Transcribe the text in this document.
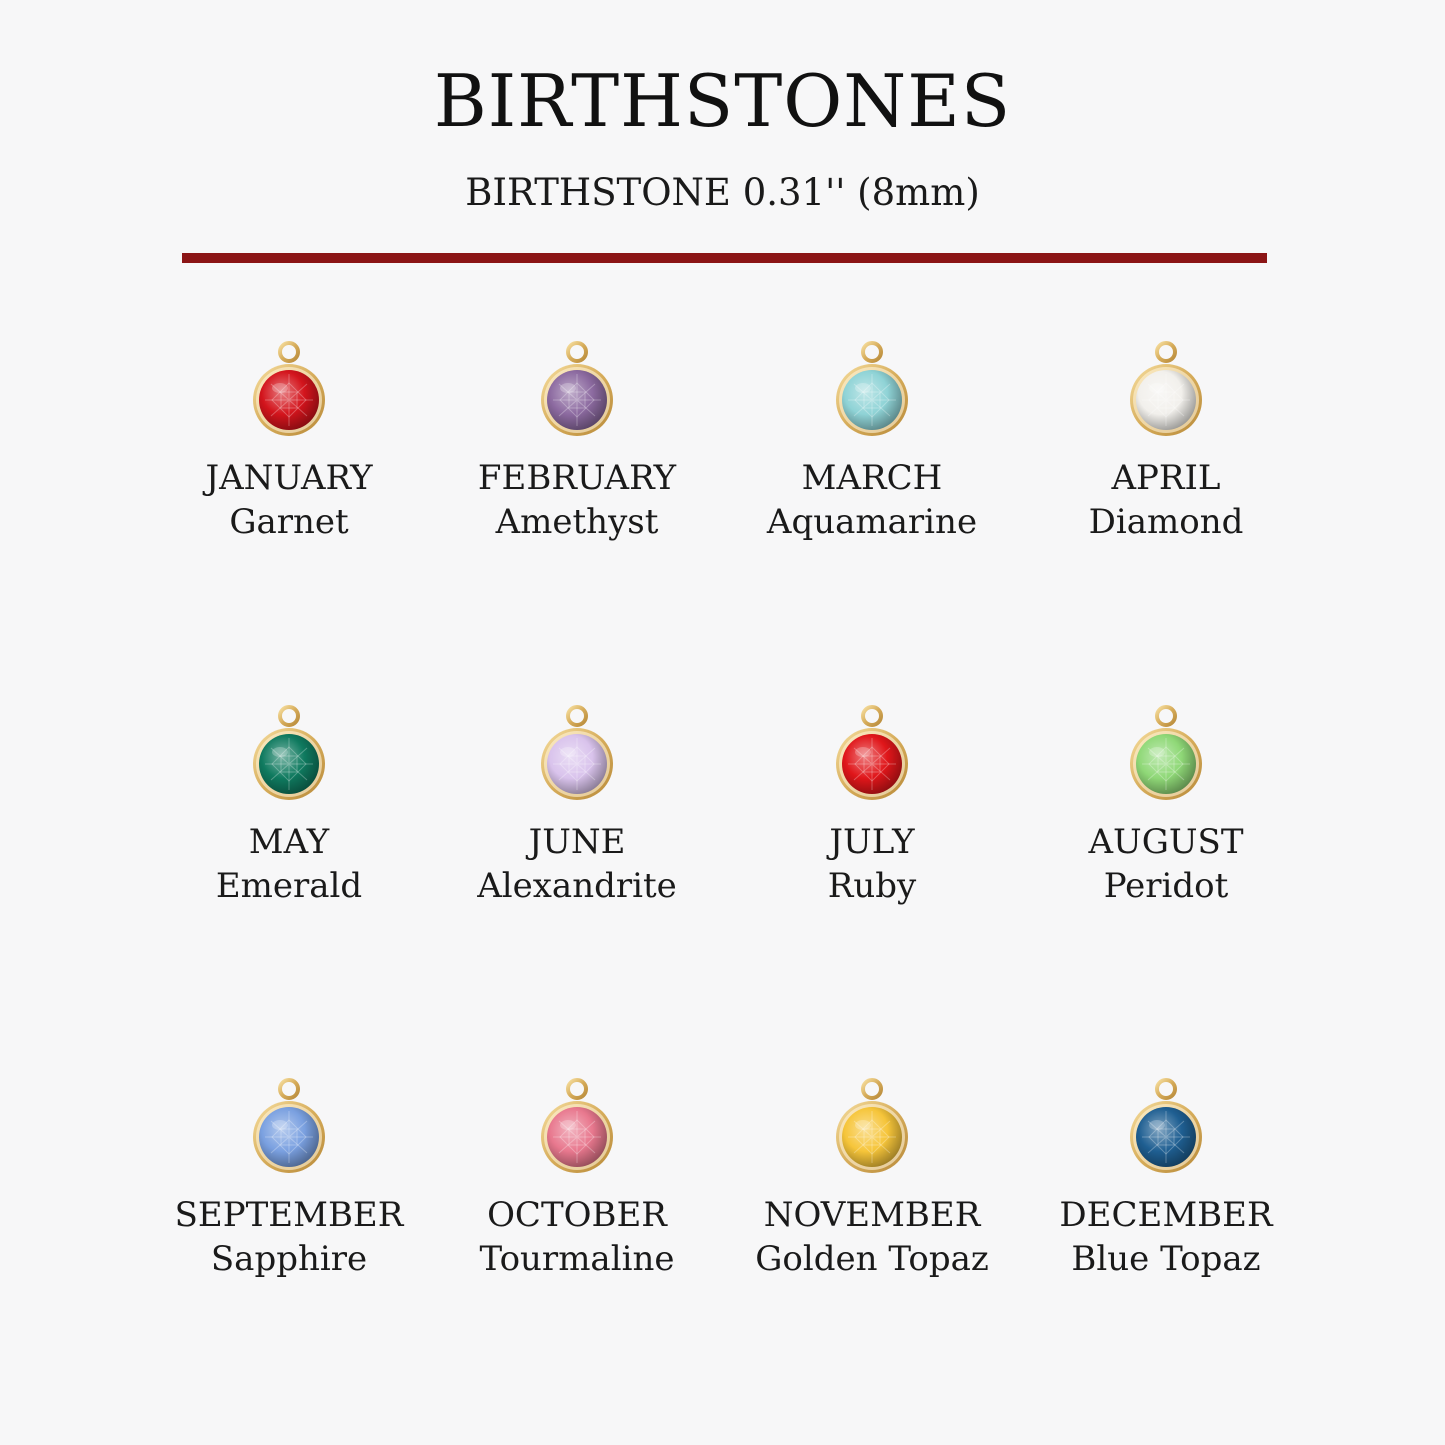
BIRTHSTONES
BIRTHSTONE 0.31'' (8mm)
JANUARY
Garnet
FEBRUARY
Amethyst
MARCH
Aquamarine
APRIL
Diamond
MAY
Emerald
JUNE
Alexandrite
JULY
Ruby
AUGUST
Peridot
SEPTEMBER
Sapphire
OCTOBER
Tourmaline
NOVEMBER
Golden Topaz
DECEMBER
Blue Topaz
